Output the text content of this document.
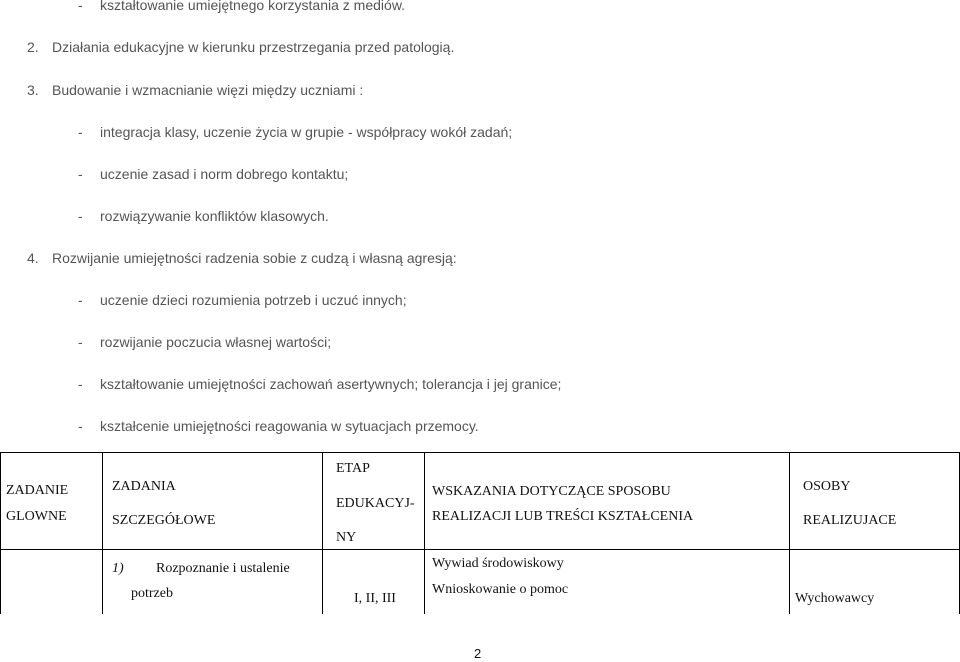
- kształtowanie umiejętnego korzystania z mediów.
2. Działania edukacyjne w kierunku przestrzegania przed patologią.
3. Budowanie i wzmacnianie więzi między uczniami :
- integracja klasy, uczenie życia w grupie - współpracy wokół zadań;
- uczenie zasad i norm dobrego kontaktu;
- rozwiązywanie konfliktów klasowych.
4. Rozwijanie umiejętności radzenia sobie z cudzą i własną agresją:
- uczenie dzieci rozumienia potrzeb i uczuć innych;
- rozwijanie poczucia własnej wartości;
- kształtowanie umiejętności zachowań asertywnych; tolerancja i jej granice;
- kształcenie umiejętności reagowania w sytuacjach przemocy.
ZADANIE
GLOWNE
ZADANIA
SZCZEGÓŁOWE
ETAP
EDUKACYJ-
NY
WSKAZANIA DOTYCZĄCE SPOSOBU
REALIZACJI LUB TREŚCI KSZTAŁCENIA
OSOBY
REALIZUJACE
1) Rozpoznanie i ustalenie
potrzeb	I, II, III
Wywiad środowiskowy
Wnioskowanie o pomoc
Wychowawcy
2
